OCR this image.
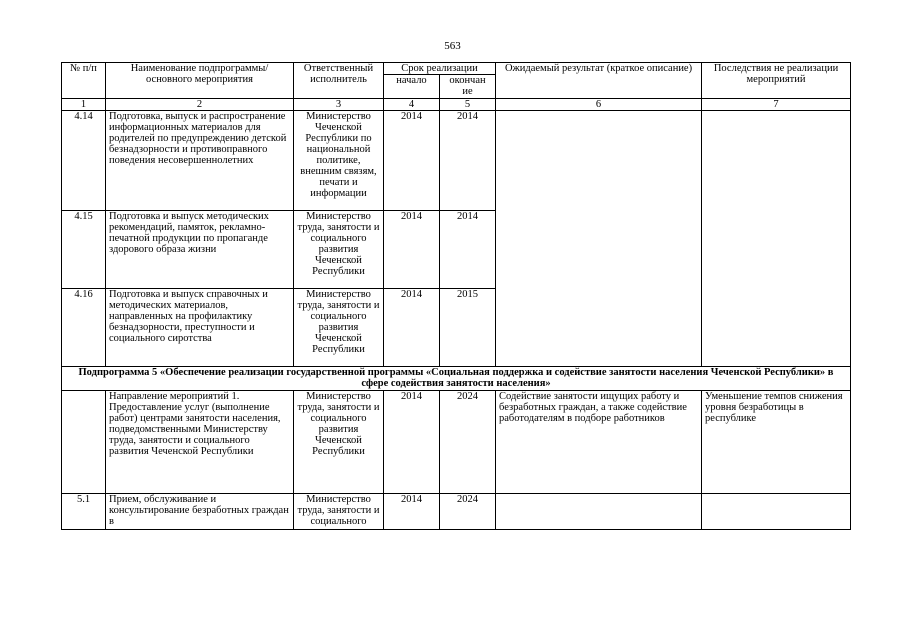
563
№ п/п	Наименование подпрограммы/ основного мероприятия	Ответственный исполнитель	Срок реализации		Ожидаемый результат (краткое описание)	Последствия не реализации мероприятий
			начало	окончан ие		
1	2	3	4	5	6	7
4.14	Подготовка, выпуск и распространение информационных материалов для родителей по предупреждению детской безнадзорности и противоправного поведения несовершеннолетних	Министерство Чеченской Республики по национальной политике, внешним связям, печати и информации	2014	2014		
4.15	Подготовка и выпуск методических рекомендаций, памяток, рекламно-печатной продукции по пропаганде здорового образа жизни	Министерство труда, занятости и социального развития Чеченской Республики	2014	2014		
4.16	Подготовка и выпуск справочных и методических материалов, направленных на профилактику безнадзорности, преступности и социального сиротства	Министерство труда, занятости и социального развития Чеченской Республики	2014	2015		
Подпрограмма 5 «Обеспечение реализации государственной программы «Социальная поддержка и содействие занятости населения Чеченской Республики» в сфере содействия занятости населения»						
	Направление мероприятий 1. Предоставление услуг (выполнение работ) центрами занятости населения, подведомственными Министерству труда, занятости и социального развития Чеченской Республики	Министерство труда, занятости и социального развития Чеченской Республики	2014	2024	Содействие занятости ищущих работу и безработных граждан, а также содействие работодателям в подборе работников	Уменьшение темпов снижения уровня безработицы в республике
5.1	Прием, обслуживание и консультирование безработных граждан в	Министерство труда, занятости и социального	2014	2024		
